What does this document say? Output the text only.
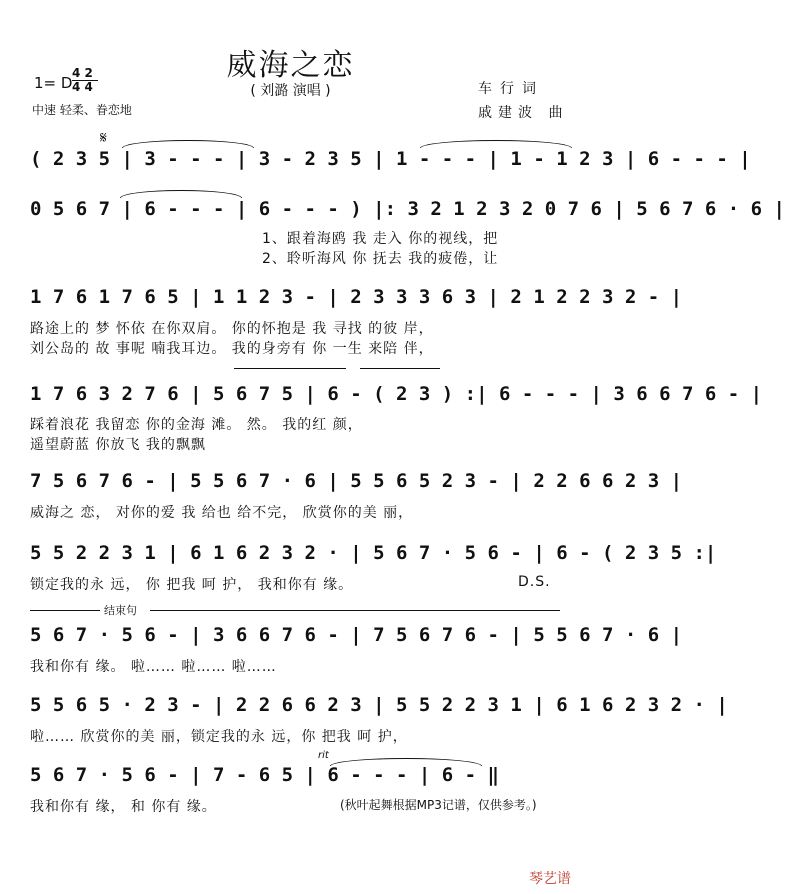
威海之恋
( 刘潞 演唱 )
1= D
4 2
4 4
中速 轻柔、眷恋地
车行词
戚建波 曲
( 2 3 5 | 3 - - - | 3 - 2 3 5 | 1 - - - | 1 - 1 2 3 | 6 - - - |
𝄋
0 5 6 7 | 6 - - - | 6 - - - ) |: 3 2 1 2 3 2 0 7 6 | 5 6 7 6 · 6 |
1、跟着海鸥 我 走入 你的视线，把
2、聆听海风 你 抚去 我的疲倦，让
1 7 6 1 7 6 5 | 1 1 2 3 - | 2 3 3 3 6 3 | 2 1 2 2 3 2 - |
路途上的 梦 怀依 在你双肩。 你的怀抱是 我 寻找 的彼 岸，
刘公岛的 故 事呢 喃我耳边。 我的身旁有 你 一生 来陪 伴，
1 7 6 3 2 7 6 | 5 6 7 5 | 6 - ( 2 3 ) :| 6 - - - | 3 6 6 7 6 - |
踩着浪花 我留恋 你的金海 滩。 然。 我的红 颜，
遥望蔚蓝 你放飞 我的飘飘
7 5 6 7 6 - | 5 5 6 7 · 6 | 5 5 6 5 2 3 - | 2 2 6 6 2 3 |
威海之 恋， 对你的爱 我 给也 给不完， 欣赏你的美 丽，
5 5 2 2 3 1 | 6 1 6 2 3 2 · | 5 6 7 · 5 6 - | 6 - ( 2 3 5 :|
锁定我的永 远， 你 把我 呵 护， 我和你有 缘。	D.S.
结束句
5 6 7 · 5 6 - | 3 6 6 7 6 - | 7 5 6 7 6 - | 5 5 6 7 · 6 |
我和你有 缘。 啦…… 啦…… 啦……
5 5 6 5 · 2 3 - | 2 2 6 6 2 3 | 5 5 2 2 3 1 | 6 1 6 2 3 2 · |
啦…… 欣赏你的美 丽，锁定我的永 远，你 把我 呵 护，
rit
5 6 7 · 5 6 - | 7 - 6 5 | 6 - - - | 6 - ‖
我和你有 缘， 和 你有 缘。	(秋叶起舞根据MP3记谱，仅供参考。)
琴艺谱
